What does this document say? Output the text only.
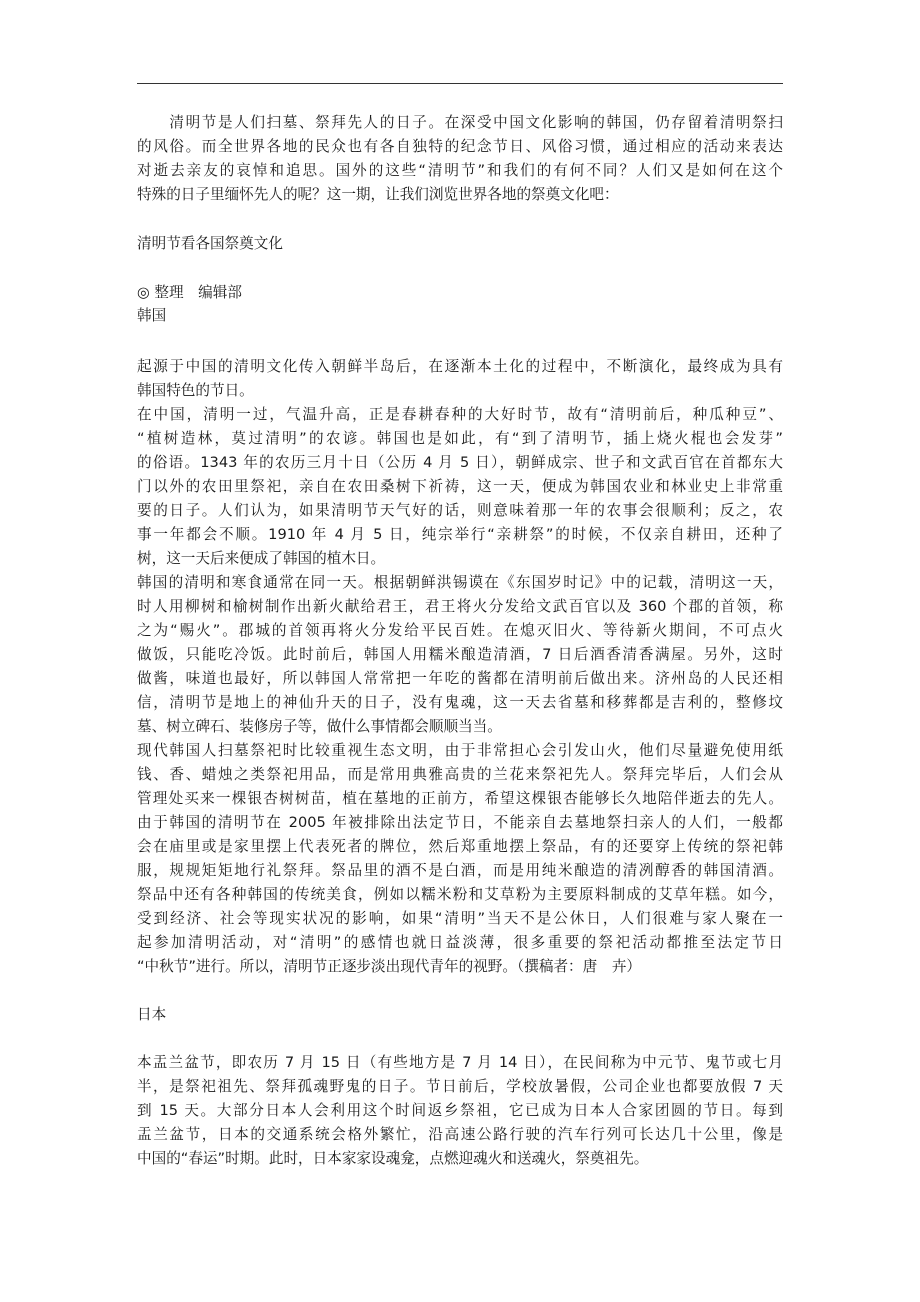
　　清明节是人们扫墓、祭拜先人的日子。在深受中国文化影响的韩国，仍存留着清明祭扫
的风俗。而全世界各地的民众也有各自独特的纪念节日、风俗习惯，通过相应的活动来表达
对逝去亲友的哀悼和追思。国外的这些“清明节”和我们的有何不同？人们又是如何在这个
特殊的日子里缅怀先人的呢？这一期，让我们浏览世界各地的祭奠文化吧：
清明节看各国祭奠文化
◎ 整理　编辑部
韩国
起源于中国的清明文化传入朝鲜半岛后，在逐渐本土化的过程中，不断演化，最终成为具有
韩国特色的节日。
在中国，清明一过，气温升高，正是春耕春种的大好时节，故有“清明前后，种瓜种豆”、
“植树造林，莫过清明”的农谚。韩国也是如此，有“到了清明节，插上烧火棍也会发芽”
的俗语。1343 年的农历三月十日（公历 4 月 5 日），朝鲜成宗、世子和文武百官在首都东大
门以外的农田里祭祀，亲自在农田桑树下祈祷，这一天，便成为韩国农业和林业史上非常重
要的日子。人们认为，如果清明节天气好的话，则意味着那一年的农事会很顺利；反之，农
事一年都会不顺。1910 年 4 月 5 日，纯宗举行“亲耕祭”的时候，不仅亲自耕田，还种了
树，这一天后来便成了韩国的植木日。
韩国的清明和寒食通常在同一天。根据朝鲜洪锡谟在《东国岁时记》中的记载，清明这一天，
时人用柳树和榆树制作出新火献给君王，君王将火分发给文武百官以及 360 个郡的首领，称
之为“赐火”。郡城的首领再将火分发给平民百姓。在熄灭旧火、等待新火期间，不可点火
做饭，只能吃冷饭。此时前后，韩国人用糯米酿造清酒，7 日后酒香清香满屋。另外，这时
做酱，味道也最好，所以韩国人常常把一年吃的酱都在清明前后做出来。济州岛的人民还相
信，清明节是地上的神仙升天的日子，没有鬼魂，这一天去省墓和移葬都是吉利的，整修坟
墓、树立碑石、装修房子等，做什么事情都会顺顺当当。
现代韩国人扫墓祭祀时比较重视生态文明，由于非常担心会引发山火，他们尽量避免使用纸
钱、香、蜡烛之类祭祀用品，而是常用典雅高贵的兰花来祭祀先人。祭拜完毕后，人们会从
管理处买来一棵银杏树树苗，植在墓地的正前方，希望这棵银杏能够长久地陪伴逝去的先人。
由于韩国的清明节在 2005 年被排除出法定节日，不能亲自去墓地祭扫亲人的人们，一般都
会在庙里或是家里摆上代表死者的牌位，然后郑重地摆上祭品，有的还要穿上传统的祭祀韩
服，规规矩矩地行礼祭拜。祭品里的酒不是白酒，而是用纯米酿造的清冽醇香的韩国清酒。
祭品中还有各种韩国的传统美食，例如以糯米粉和艾草粉为主要原料制成的艾草年糕。如今，
受到经济、社会等现实状况的影响，如果“清明”当天不是公休日，人们很难与家人聚在一
起参加清明活动，对“清明”的感情也就日益淡薄，很多重要的祭祀活动都推至法定节日
“中秋节”进行。所以，清明节正逐步淡出现代青年的视野。（撰稿者：唐　卉）
日本
本盂兰盆节，即农历 7 月 15 日（有些地方是 7 月 14 日），在民间称为中元节、鬼节或七月
半，是祭祀祖先、祭拜孤魂野鬼的日子。节日前后，学校放暑假，公司企业也都要放假 7 天
到 15 天。大部分日本人会利用这个时间返乡祭祖，它已成为日本人合家团圆的节日。每到
盂兰盆节，日本的交通系统会格外繁忙，沿高速公路行驶的汽车行列可长达几十公里，像是
中国的“春运”时期。此时，日本家家设魂龛，点燃迎魂火和送魂火，祭奠祖先。
